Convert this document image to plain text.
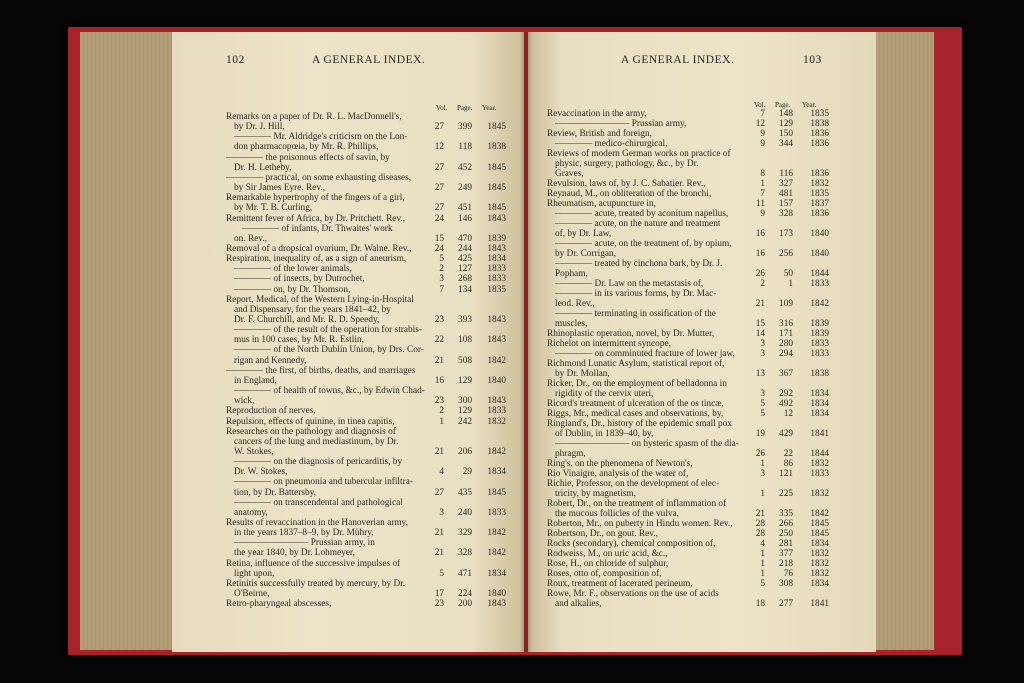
102	A GENERAL INDEX.	A GENERAL INDEX.	103
Vol. Page. Year.	Vol. Page. Year.
Remarks on a paper of Dr. R. L. MacDonnell's,
by Dr. J. Hill,	27 399 1845
———— Mr. Aldridge's criticism on the Lon-
don pharmacopœia, by Mr. R. Phillips,	12 118 1838
———— the poisonous effects of savin, by
Dr. H. Letheby,	27 452 1845
———— practical, on some exhausting diseases,
by Sir James Eyre. Rev.,	27 249 1845
Remarkable hypertrophy of the fingers of a girl,
by Mr. T. B. Curling,	27 451 1845
Remittent fever of Africa, by Dr. Pritchett. Rev.,	24 146 1843
———— of infants, Dr. Thwaites' work
on. Rev.,	15 470 1839
Removal of a dropsical ovarium, Dr. Walne. Rev.,	24 244 1843
Respiration, inequality of, as a sign of aneurism,	5 425 1834
———— of the lower animals,	2 127 1833
———— of insects, by Dutrochet,	3 268 1833
———— on, by Dr. Thomson,	7 134 1835
Report, Medical, of the Western Lying-in-Hospital
and Dispensary, for the years 1841–42, by
Dr. F. Churchill, and Mr. R. D. Speedy,	23 393 1843
———— of the result of the operation for strabis-
mus in 100 cases, by Mr. R. Estlin,	22 108 1843
———— of the North Dublin Union, by Drs. Cor-
rigan and Kennedy,	21 508 1842
———— the first, of births, deaths, and marriages
in England,	16 129 1840
———— of health of towns, &c., by Edwin Chad-
wick,	23 300 1843
Reproduction of nerves,	2 129 1833
Repulsion, effects of quinine, in tinea capitis,	1 242 1832
Researches on the pathology and diagnosis of
cancers of the lung and mediastinum, by Dr.
W. Stokes,	21 206 1842
———— on the diagnosis of pericarditis, by
Dr. W. Stokes,	4 29 1834
———— on pneumonia and tubercular infiltra-
tion, by Dr. Battersby,	27 435 1845
———— on transcendental and pathological
anatomy,	3 240 1833
Results of revaccination in the Hanoverian army,
in the years 1837–8–9, by Dr. Mühry,	21 329 1842
———————— Prussian army, in
the year 1840, by Dr. Lohmeyer,	21 328 1842
Retina, influence of the successive impulses of
light upon,	5 471 1834
Retinitis successfully treated by mercury, by Dr.
O'Beirne,	17 224 1840
Retro-pharyngeal abscesses,	23 200 1843
Revaccination in the army,	7 148 1835
———————— Prussian army,	12 129 1838
Review, British and foreign,	9 150 1836
———— medico-chirurgical,	9 344 1836
Reviews of modern German works on practice of
physic, surgery, pathology, &c., by Dr.
Graves,	8 116 1836
Revulsion, laws of, by J. C. Sabatier. Rev.,	1 327 1832
Reynaud, M., on obliteration of the bronchi,	7 481 1835
Rheumatism, acupuncture in,	11 157 1837
———— acute, treated by aconitum napellus,	9 328 1836
———— acute, on the nature and treatment
of, by Dr. Law,	16 173 1840
———— acute, on the treatment of, by opium,
by Dr. Corrigan,	16 256 1840
———— treated by cinchona bark, by Dr. J.
Popham,	26 50 1844
———— Dr. Law on the metastasis of,	2	1 1833
———— in its various forms, by Dr. Mac-
leod. Rev.,	21 109 1842
———— terminating in ossification of the
muscles,	15 316 1839
Rhinoplastic operation, novel, by Dr. Mutter,	14 171 1839
Richelot on intermittent syncope,	3 280 1833
———— on comminuted fracture of lower jaw,	3 294 1833
Richmond Lunatic Asylum, statistical report of,
by Dr. Mollan,	13 367 1838
Ricker, Dr., on the employment of belladonna in
rigidity of the cervix uteri,	3 292 1834
Ricord's treatment of ulceration of the os tincæ,	5 492 1834
Riggs, Mr., medical cases and observations, by,	5 12 1834
Ringland's, Dr., history of the epidemic small pox
of Dublin, in 1839–40, by,	19 429 1841
———————— on hysteric spasm of the dia-
phragm,	26 22 1844
Ring's, on the phenomena of Newton's,	1 86 1832
Rio Vinaigre, analysis of the water of,	3 121 1833
Richie, Professor, on the development of elec-
tricity, by magnetism,	1 225 1832
Robert, Dr., on the treatment of inflammation of
the mucous follicles of the vulva,	21 335 1842
Roberton, Mr., on puberty in Hindu women. Rev., 28 266 1845
Robertson, Dr., on gout. Rev.,	28 250 1845
Rocks (secondary), chemical composition of,	4 281 1834
Rodweiss, M., on uric acid, &c.,	1 377 1832
Rose, H., on chloride of sulphur,	1 218 1832
Roses, otto of, composition of,	1 76 1832
Roux, treatment of lacerated perineum,	5 308 1834
Rowe, Mr. F., observations on the use of acids
and alkalies,	18 277 1841
